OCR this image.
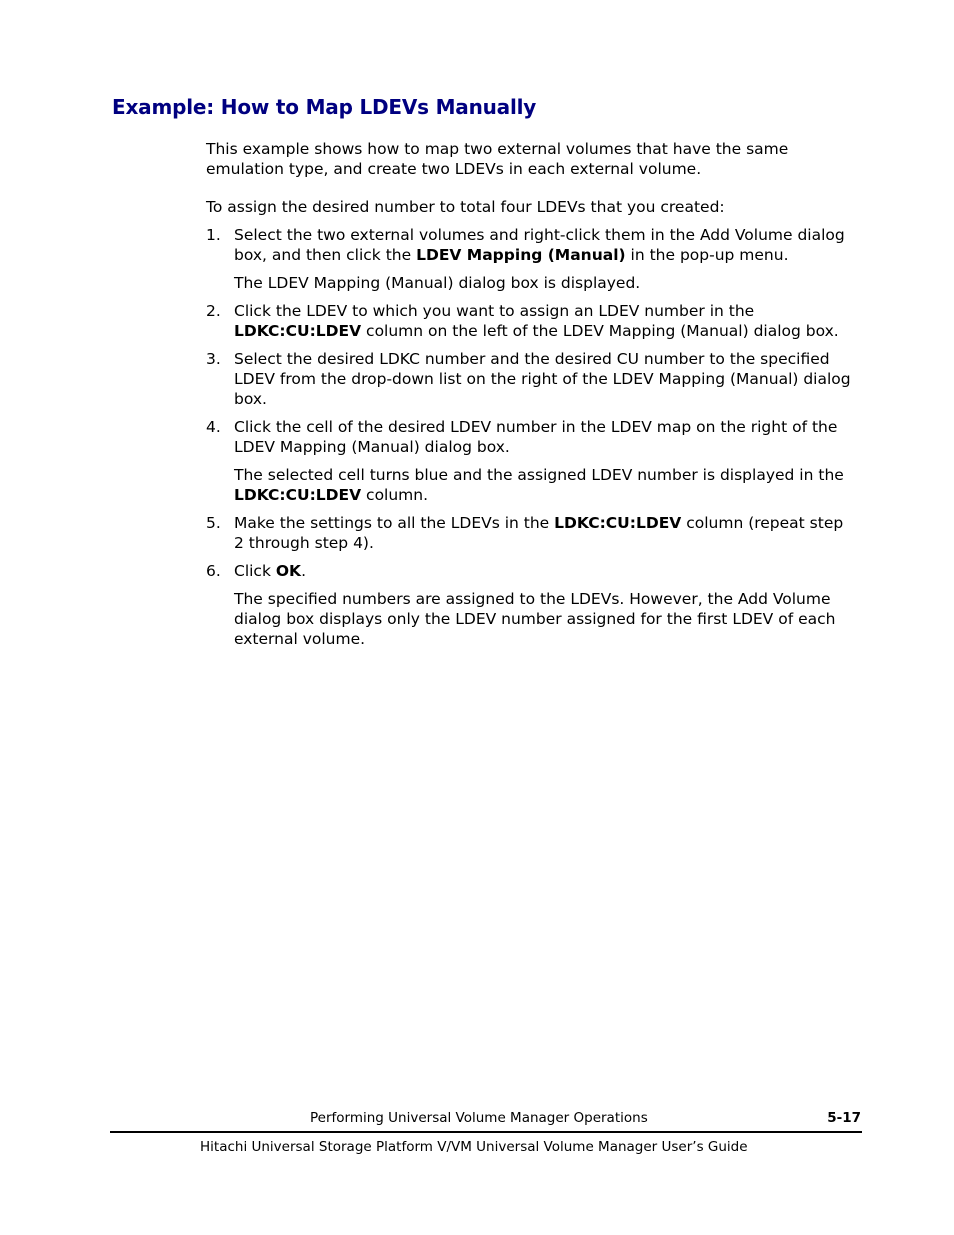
Example: How to Map LDEVs Manually

This example shows how to map two external volumes that have the same emulation type, and create two LDEVs in each external volume.

To assign the desired number to total four LDEVs that you created:

1. Select the two external volumes and right-click them in the Add Volume dialog box, and then click the LDEV Mapping (Manual) in the pop-up menu.
The LDEV Mapping (Manual) dialog box is displayed.
2. Click the LDEV to which you want to assign an LDEV number in the LDKC:CU:LDEV column on the left of the LDEV Mapping (Manual) dialog box.
3. Select the desired LDKC number and the desired CU number to the specified LDEV from the drop-down list on the right of the LDEV Mapping (Manual) dialog box.
4. Click the cell of the desired LDEV number in the LDEV map on the right of the LDEV Mapping (Manual) dialog box.
The selected cell turns blue and the assigned LDEV number is displayed in the LDKC:CU:LDEV column.
5. Make the settings to all the LDEVs in the LDKC:CU:LDEV column (repeat step 2 through step 4).
6. Click OK.
The specified numbers are assigned to the LDEVs. However, the Add Volume dialog box displays only the LDEV number assigned for the first LDEV of each external volume.
Performing Universal Volume Manager Operations	5-17
Hitachi Universal Storage Platform V/VM Universal Volume Manager User’s Guide
